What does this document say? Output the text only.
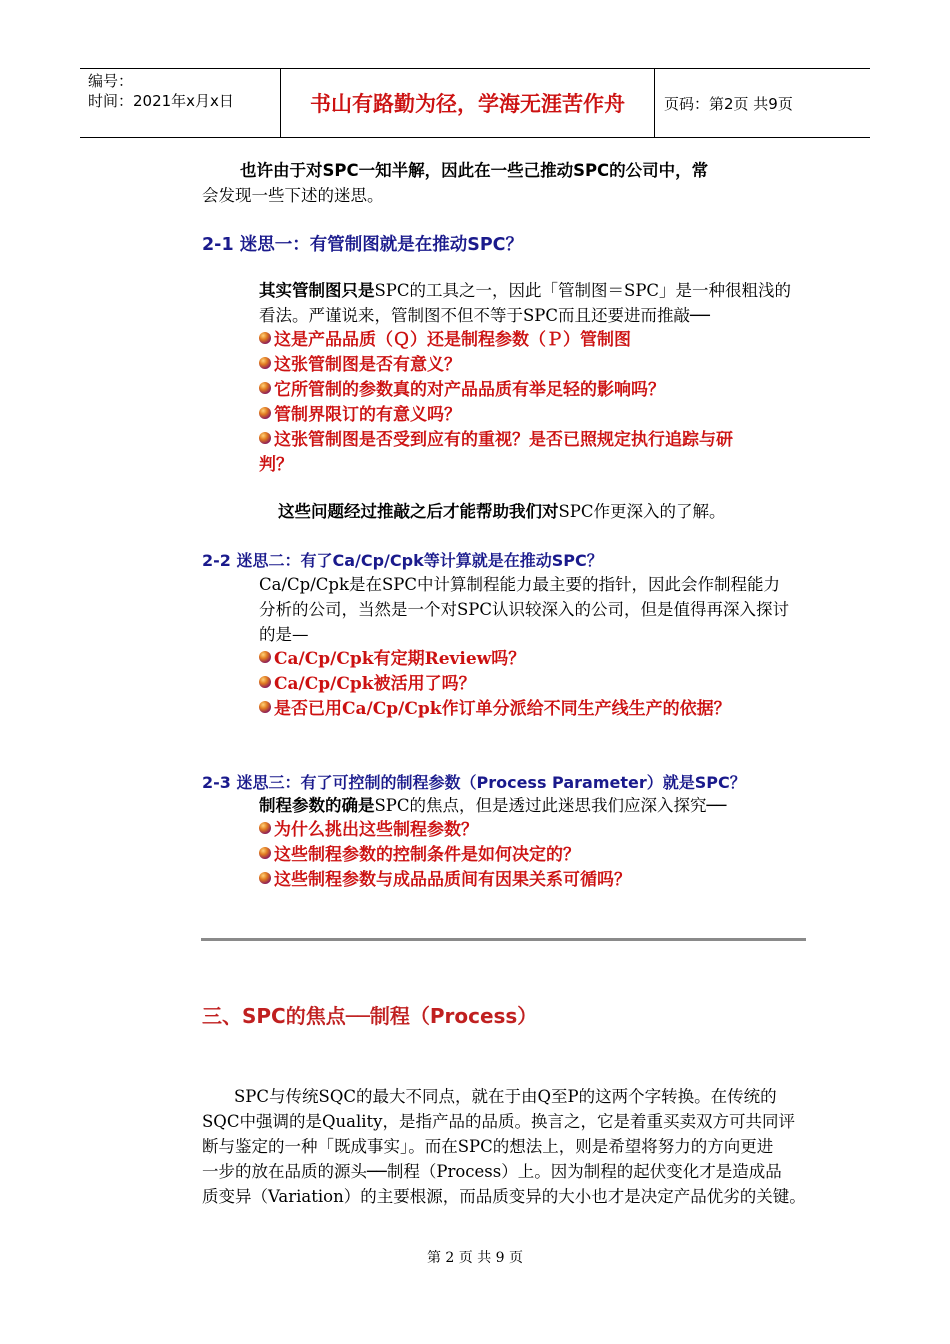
编号：
时间：2021年x月x日	书山有路勤为径，学海无涯苦作舟	页码：第2页 共9页
也许由于对SPC一知半解，因此在一些己推动SPC的公司中，常
会发现一些下述的迷思。
2-1 迷思一：有管制图就是在推动SPC？
其实管制图只是SPC的工具之一，因此「管制图＝SPC」是一种很粗浅的
看法。严谨说来，管制图不但不等于SPC而且还要进而推敲──
这是产品品质（Ｑ）还是制程参数（Ｐ）管制图
这张管制图是否有意义？
它所管制的参数真的对产品品质有举足轻的影响吗？
管制界限订的有意义吗？
这张管制图是否受到应有的重视？是否已照规定执行追踪与研
判？
这些问题经过推敲之后才能帮助我们对SPC作更深入的了解。
2-2 迷思二：有了Ca/Cp/Cpk等计算就是在推动SPC？
Ca/Cp/Cpk是在SPC中计算制程能力最主要的指针，因此会作制程能力
分析的公司，当然是一个对SPC认识较深入的公司，但是值得再深入探讨
的是—
Ca/Cp/Cpk有定期Review吗？
Ca/Cp/Cpk被活用了吗？
是否已用Ca/Cp/Cpk作订单分派给不同生产线生产的依据？
2-3 迷思三：有了可控制的制程参数（Process Parameter）就是SPC？
制程参数的确是SPC的焦点，但是透过此迷思我们应深入探究──
为什么挑出这些制程参数？
这些制程参数的控制条件是如何决定的？
这些制程参数与成品品质间有因果关系可循吗？
三、SPC的焦点──制程（Process）
SPC与传统SQC的最大不同点，就在于由Q至P的这两个字转换。在传统的
SQC中强调的是Quality，是指产品的品质。换言之，它是着重买卖双方可共同评
断与鉴定的一种「既成事实」。而在SPC的想法上，则是希望将努力的方向更进
一步的放在品质的源头──制程（Process）上。因为制程的起伏变化才是造成品
质变异（Variation）的主要根源，而品质变异的大小也才是决定产品优劣的关键。
第 2 页 共 9 页
